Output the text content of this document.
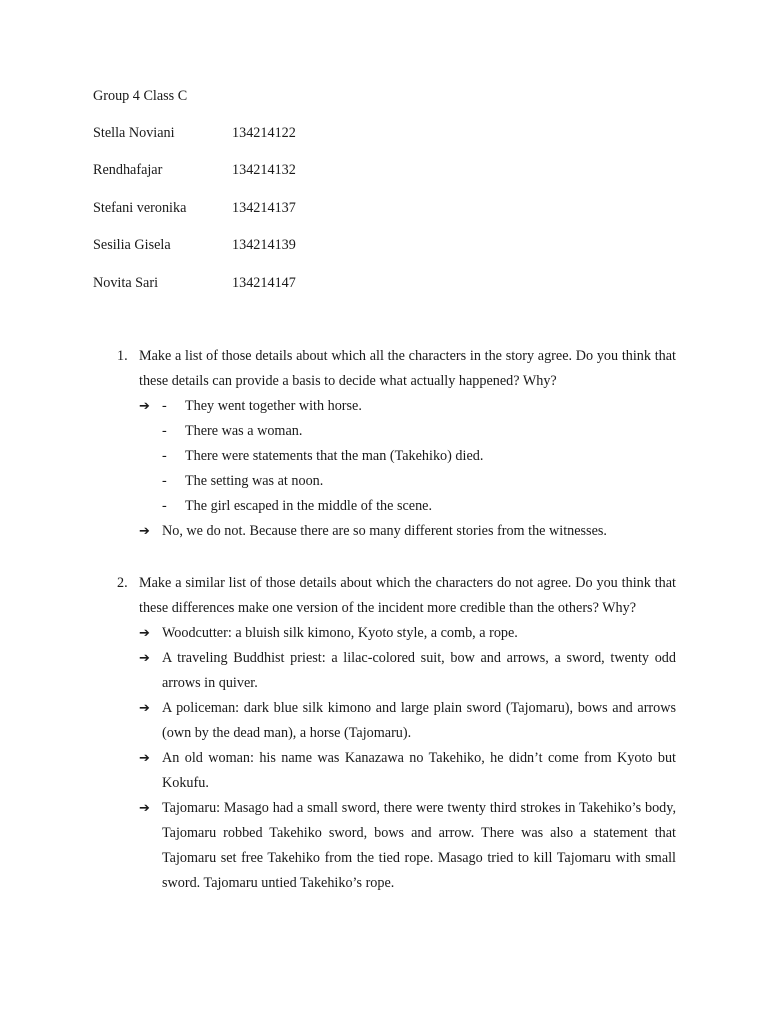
Group 4 Class C
Stella Noviani	134214122
Rendhafajar	134214132
Stefani veronika	134214137
Sesilia Gisela	134214139
Novita Sari	134214147
1. Make a list of those details about which all the characters in the story agree. Do you think that these details can provide a basis to decide what actually happened? Why?
➔ - They went together with horse.
- There was a woman.
- There were statements that the man (Takehiko) died.
- The setting was at noon.
- The girl escaped in the middle of the scene.
➔ No, we do not. Because there are so many different stories from the witnesses.
2. Make a similar list of those details about which the characters do not agree. Do you think that these differences make one version of the incident more credible than the others? Why?
➔ Woodcutter: a bluish silk kimono, Kyoto style, a comb, a rope.
➔ A traveling Buddhist priest: a lilac-colored suit, bow and arrows, a sword, twenty odd arrows in quiver.
➔ A policeman: dark blue silk kimono and large plain sword (Tajomaru), bows and arrows (own by the dead man), a horse (Tajomaru).
➔ An old woman: his name was Kanazawa no Takehiko, he didn’t come from Kyoto but Kokufu.
➔ Tajomaru: Masago had a small sword, there were twenty third strokes in Takehiko’s body, Tajomaru robbed Takehiko sword, bows and arrow. There was also a statement that Tajomaru set free Takehiko from the tied rope. Masago tried to kill Tajomaru with small sword. Tajomaru untied Takehiko’s rope.
